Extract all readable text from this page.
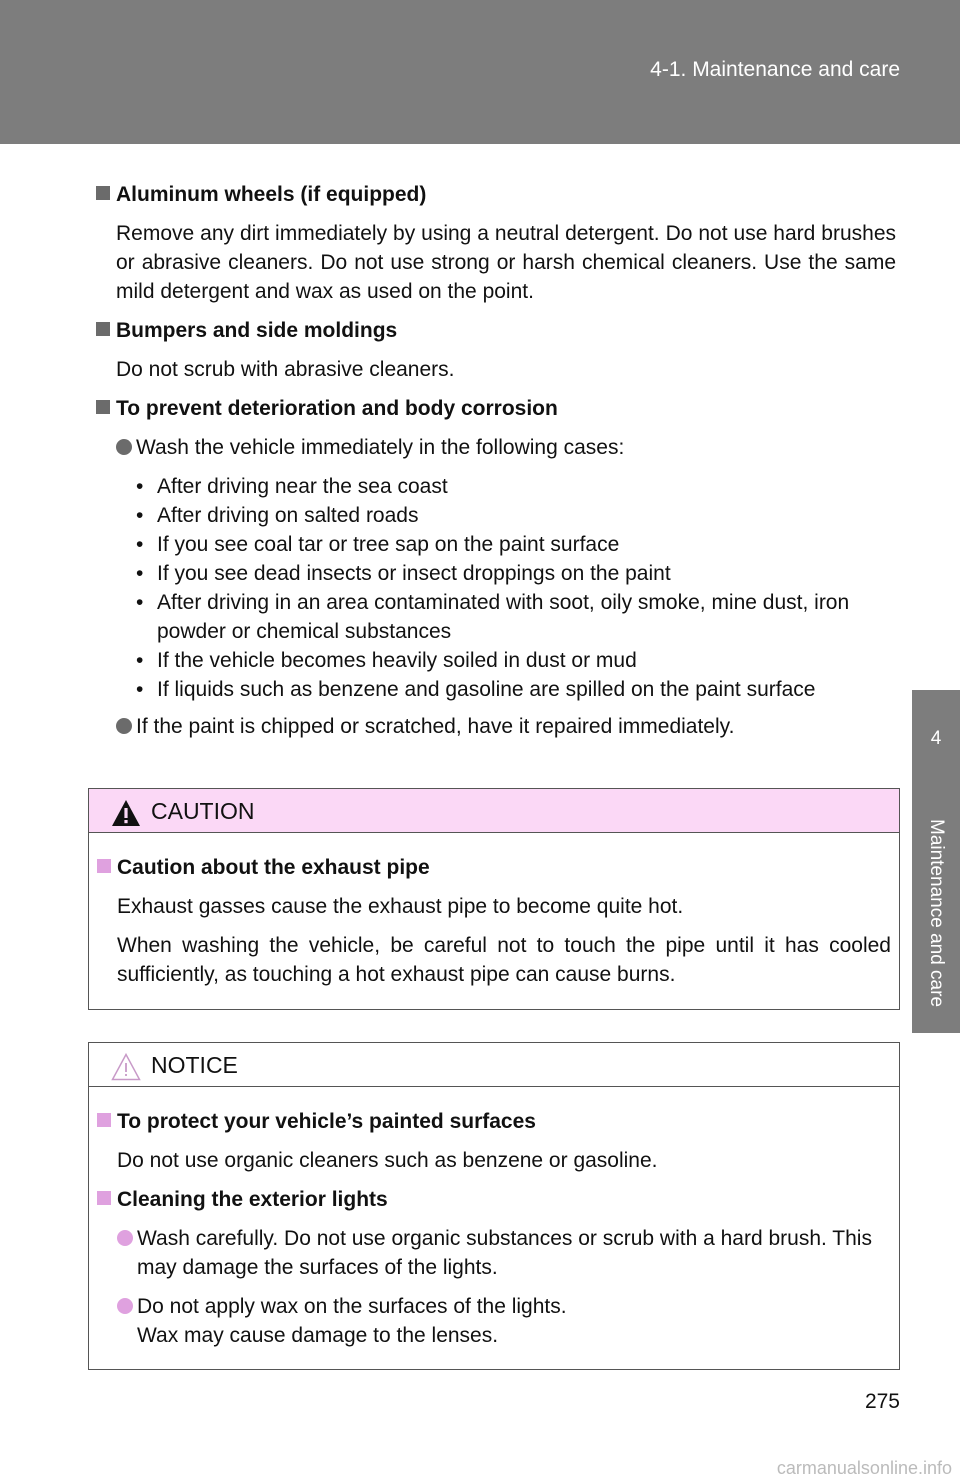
4-1. Maintenance and care
4
Maintenance and care
Aluminum wheels (if equipped)
Remove any dirt immediately by using a neutral detergent. Do not use hard brushes or abrasive cleaners. Do not use strong or harsh chemical cleaners. Use the same mild detergent and wax as used on the point.
Bumpers and side moldings
Do not scrub with abrasive cleaners.
To prevent deterioration and body corrosion
Wash the vehicle immediately in the following cases:
• After driving near the sea coast
• After driving on salted roads
• If you see coal tar or tree sap on the paint surface
• If you see dead insects or insect droppings on the paint
• After driving in an area contaminated with soot, oily smoke, mine dust, iron powder or chemical substances
• If the vehicle becomes heavily soiled in dust or mud
• If liquids such as benzene and gasoline are spilled on the paint surface
If the paint is chipped or scratched, have it repaired immediately.
CAUTION
Caution about the exhaust pipe
Exhaust gasses cause the exhaust pipe to become quite hot.
When washing the vehicle, be careful not to touch the pipe until it has cooled sufficiently, as touching a hot exhaust pipe can cause burns.
NOTICE
To protect your vehicle’s painted surfaces
Do not use organic cleaners such as benzene or gasoline.
Cleaning the exterior lights
Wash carefully. Do not use organic substances or scrub with a hard brush. This may damage the surfaces of the lights.
Do not apply wax on the surfaces of the lights.
Wax may cause damage to the lenses.
275
carmanualsonline.info
